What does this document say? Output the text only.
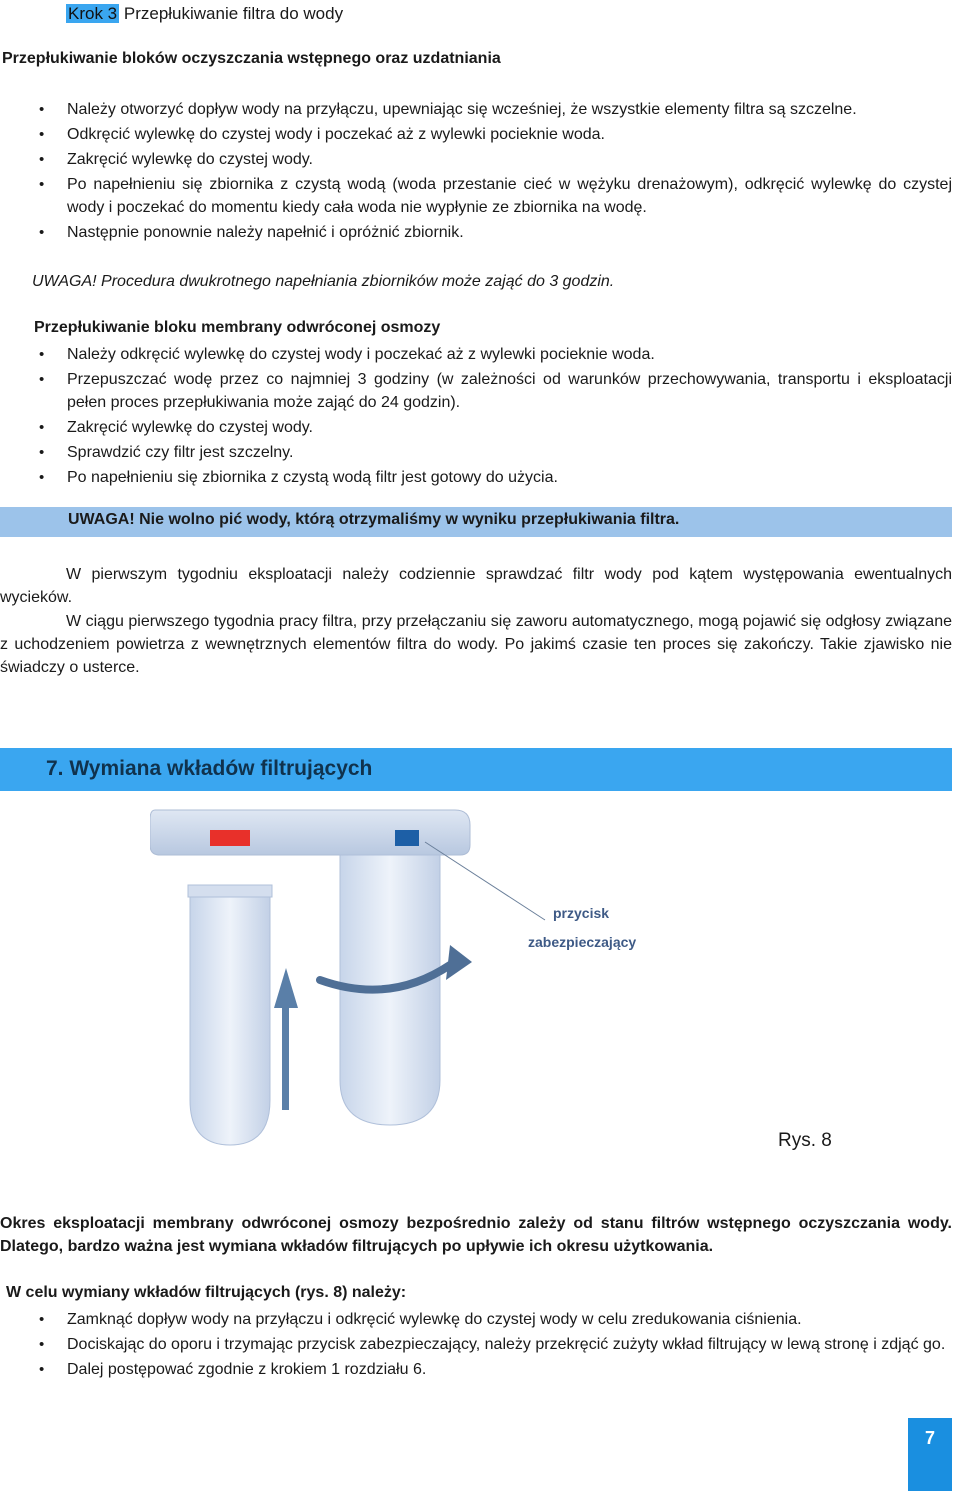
Krok 3 Przepłukiwanie filtra do wody
Przepłukiwanie bloków oczyszczania wstępnego oraz uzdatniania
• Należy otworzyć dopływ wody na przyłączu, upewniając się wcześniej, że wszystkie elementy filtra są szczelne.
• Odkręcić wylewkę do czystej wody i poczekać aż z wylewki pocieknie woda.
• Zakręcić wylewkę do czystej wody.
• Po napełnieniu się zbiornika z czystą wodą (woda przestanie cieć w wężyku drenażowym), odkręcić wylewkę do czystej wody i poczekać do momentu kiedy cała woda nie wypłynie ze zbiornika na wodę.
• Następnie ponownie należy napełnić i opróżnić zbiornik.
UWAGA! Procedura dwukrotnego napełniania zbiorników może zająć do 3 godzin.
Przepłukiwanie bloku membrany odwróconej osmozy
• Należy odkręcić wylewkę do czystej wody i poczekać aż z wylewki pocieknie woda.
• Przepuszczać wodę przez co najmniej 3 godziny (w zależności od warunków przechowywania, transportu i eksploatacji pełen proces przepłukiwania może zająć do 24 godzin).
• Zakręcić wylewkę do czystej wody.
• Sprawdzić czy filtr jest szczelny.
• Po napełnieniu się zbiornika z czystą wodą filtr jest gotowy do użycia.
UWAGA! Nie wolno pić wody, którą otrzymaliśmy w wyniku przepłukiwania filtra.
W pierwszym tygodniu eksploatacji należy codziennie sprawdzać filtr wody pod kątem występowania ewentualnych wycieków.
W ciągu pierwszego tygodnia pracy filtra, przy przełączaniu się zaworu automatycznego, mogą pojawić się odgłosy związane z uchodzeniem powietrza z wewnętrznych elementów filtra do wody. Po jakimś czasie ten proces się zakończy. Takie zjawisko nie świadczy o usterce.
7. Wymiana wkładów filtrujących
przycisk
zabezpieczający
Rys. 8
Okres eksploatacji membrany odwróconej osmozy bezpośrednio zależy od stanu filtrów wstępnego oczyszczania wody. Dlatego, bardzo ważna jest wymiana wkładów filtrujących po upływie ich okresu użytkowania.
W celu wymiany wkładów filtrujących (rys. 8) należy:
• Zamknąć dopływ wody na przyłączu i odkręcić wylewkę do czystej wody w celu zredukowania ciśnienia.
• Dociskając do oporu i trzymając przycisk zabezpieczający, należy przekręcić zużyty wkład filtrujący w lewą stronę i zdjąć go.
• Dalej postępować zgodnie z krokiem 1 rozdziału 6.
7
